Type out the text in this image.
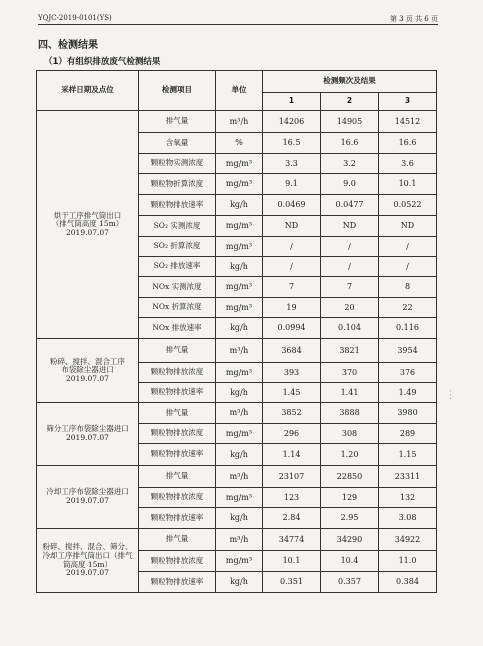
YQJC-2019-0101(YS)	第 3 页 共 6 页
四、检测结果
（1）有组织排放废气检测结果
采样日期及点位	检测项目	单位	检测频次及结果		
			1	2	3

烘干工序排气筒出口
（排气筒高度 15m）
2019.07.07	排气量	m³/h	14206	14905	14512
	含氧量	%	16.5	16.6	16.6
	颗粒物实测浓度	mg/m³	3.3	3.2	3.6
	颗粒物折算浓度	mg/m³	9.1	9.0	10.1
	颗粒物排放速率	kg/h	0.0469	0.0477	0.0522
	SO₂ 实测浓度	mg/m³	ND	ND	ND
	SO₂ 折算浓度	mg/m³	/	/	/
	SO₂ 排放速率	kg/h	/	/	/
	NOx 实测浓度	mg/m³	7	7	8
	NOx 折算浓度	mg/m³	19	20	22
	NOx 排放速率	kg/h	0.0994	0.104	0.116

粉碎、搅拌、混合工序
布袋除尘器进口
2019.07.07	排气量	m³/h	3684	3821	3954
	颗粒物排放浓度	mg/m³	393	370	376
	颗粒物排放速率	kg/h	1.45	1.41	1.49

筛分工序布袋除尘器进口
2019.07.07	排气量	m³/h	3852	3888	3980
	颗粒物排放浓度	mg/m³	296	308	289
	颗粒物排放速率	kg/h	1.14	1.20	1.15

冷却工序布袋除尘器进口
2019.07.07	排气量	m³/h	23107	22850	23311
	颗粒物排放浓度	mg/m³	123	129	132
	颗粒物排放速率	kg/h	2.84	2.95	3.08

粉碎、搅拌、混合、筛分、
冷却工序排气筒出口（排气
筒高度 15m）
2019.07.07	排气量	m³/h	34774	34290	34922
	颗粒物排放浓度	mg/m³	10.1	10.4	11.0
	颗粒物排放速率	kg/h	0.351	0.357	0.384
· · ·
